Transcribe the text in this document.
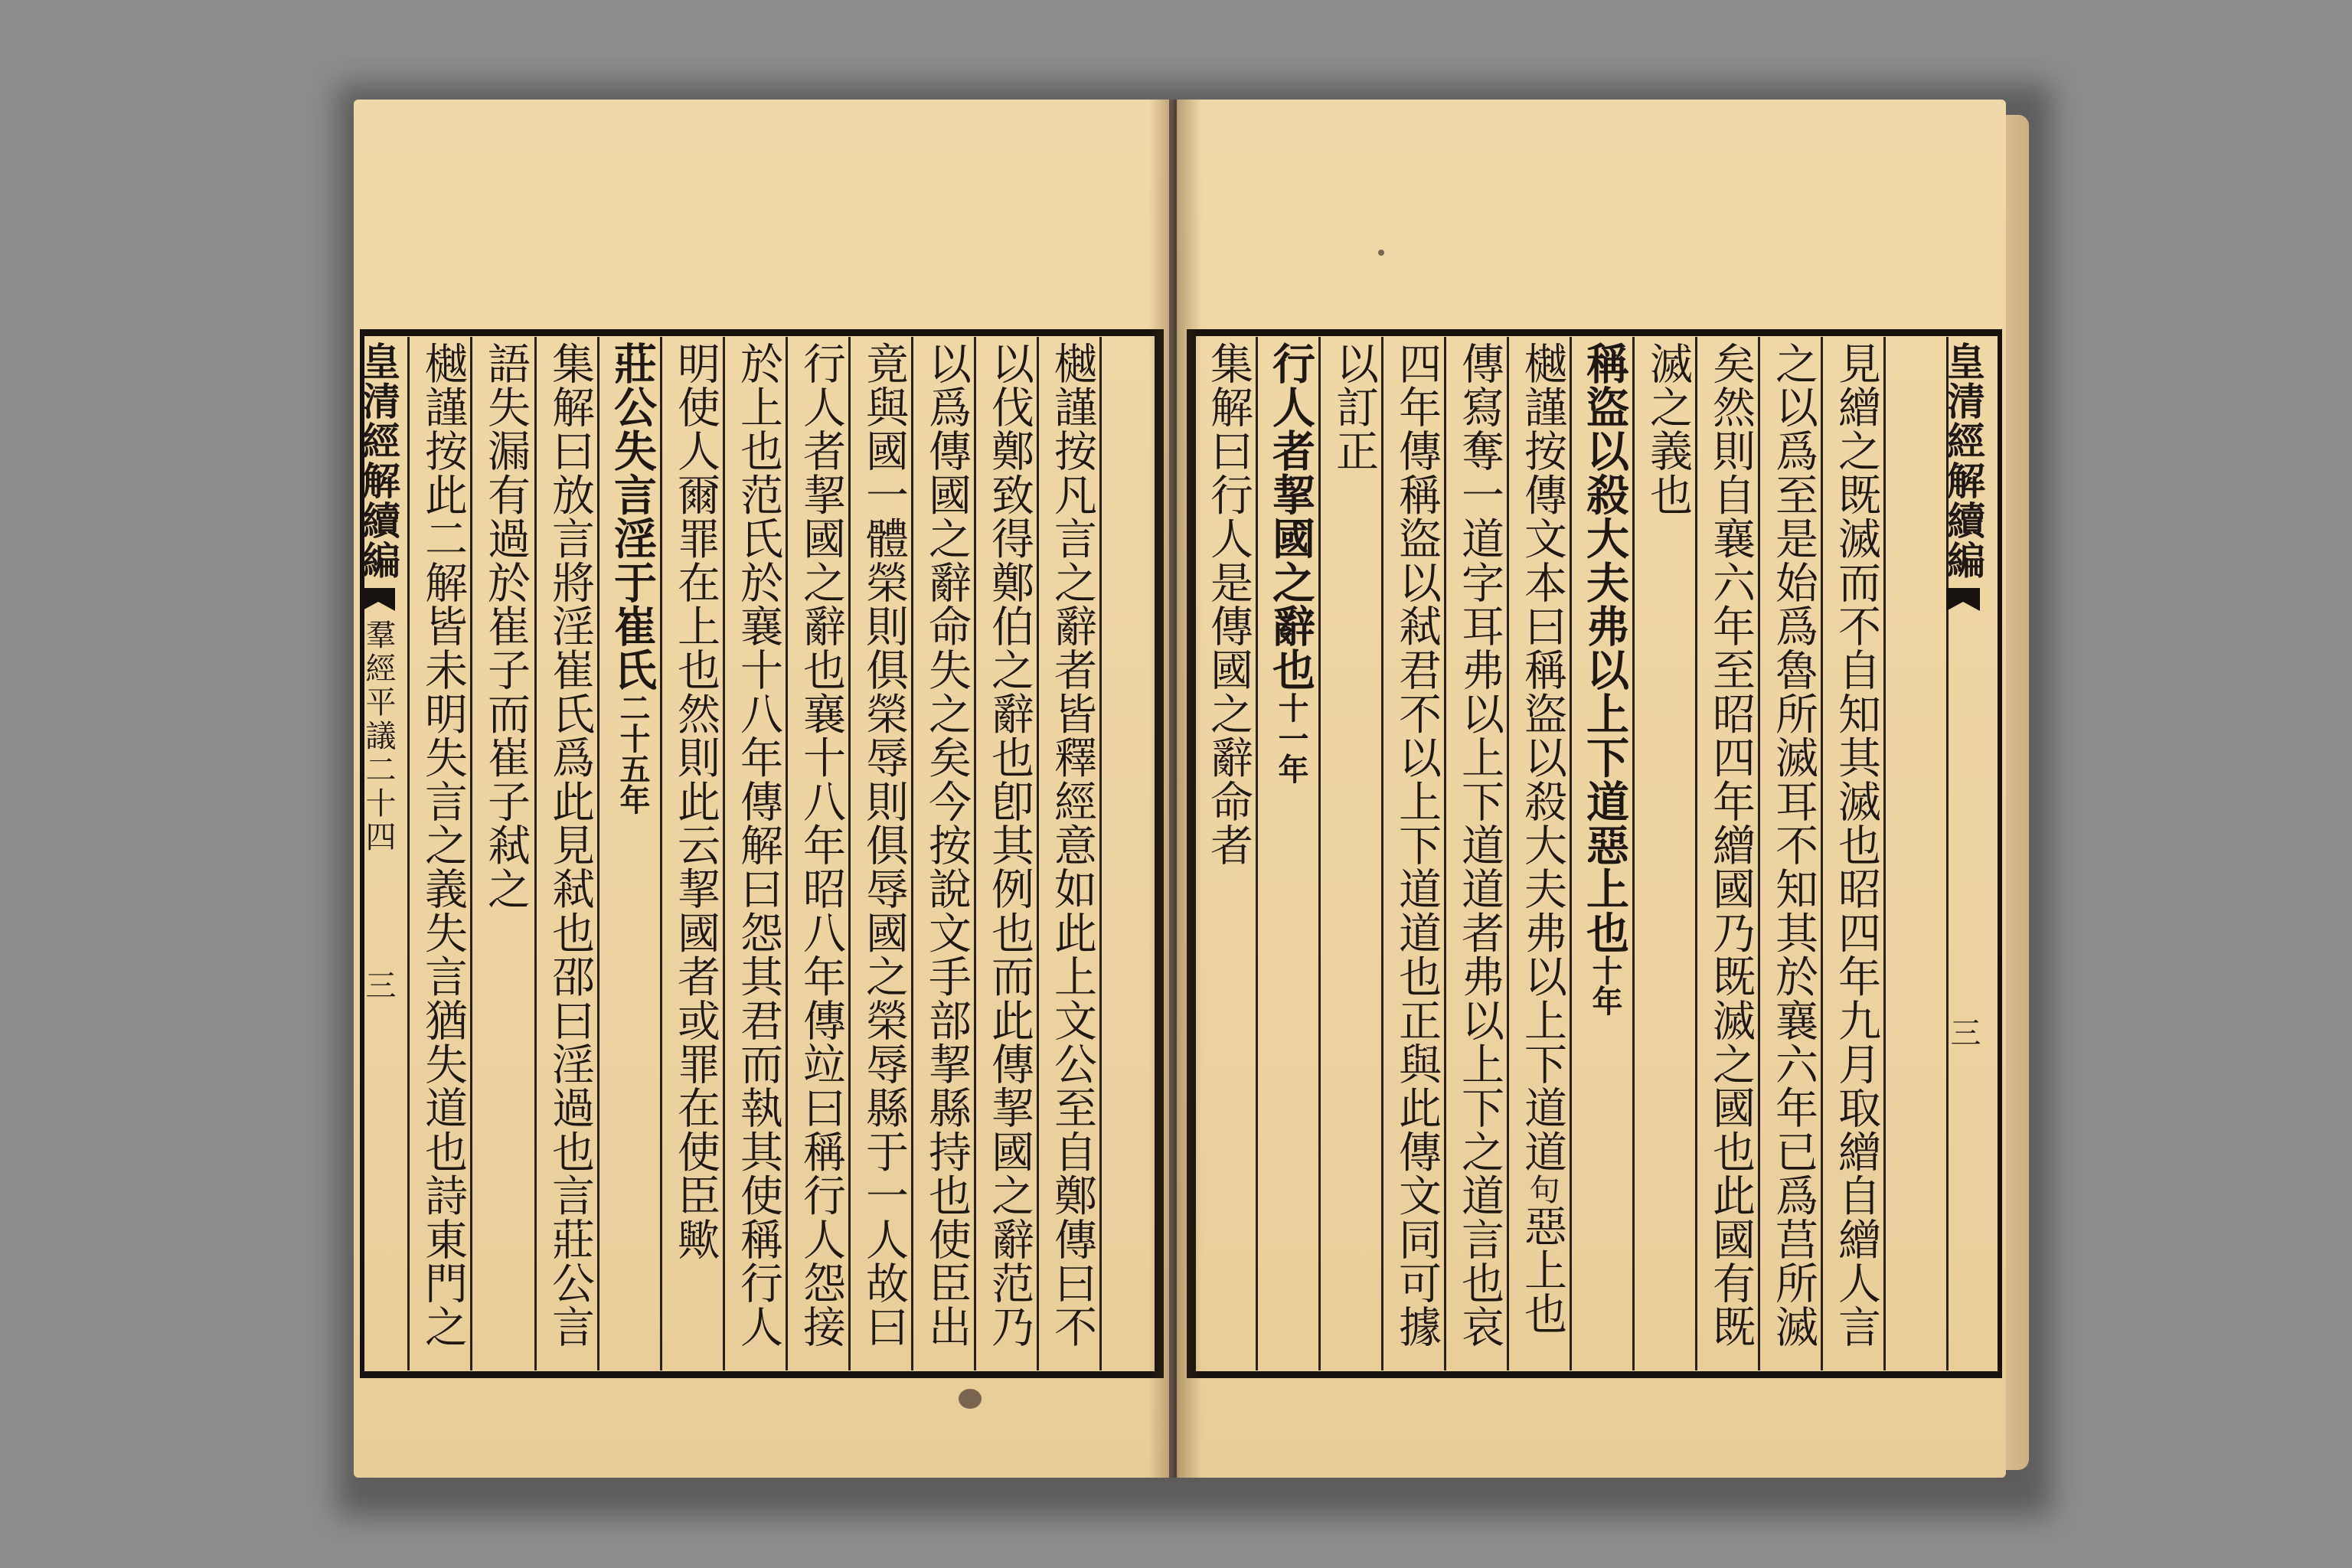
皇清經解續編羣經平議二十四三 樾謹按此二解皆未明失言之義失言猶失道也詩東門之 語失漏有過於崔子而崔子弒之 集解曰放言將淫崔氏爲此見弒也邵曰淫過也言莊公言 莊公失言淫于崔氏二十五年 明使人爾罪在上也然則此云挈國者或罪在使臣歟 於上也范氏於襄十八年傳解曰怨其君而執其使稱行人 行人者挈國之辭也襄十八年昭八年傳竝曰稱行人怨接 竟與國一體榮則俱榮辱則俱辱國之榮辱縣于一人故曰 以爲傳國之辭命失之矣今按說文手部挈縣持也使臣出 以伐鄭致得鄭伯之辭也卽其例也而此傳挈國之辭范乃 樾謹按凡言之辭者皆釋經意如此上文公至自鄭傳曰不 集解曰行人是傳國之辭命者 行人者挈國之辭也十一年
以訂正 四年傳稱盜以弒君不以上下道道也正與此傳文同可據 傳寫奪一道字耳弗以上下道道者弗以上下之道言也哀 樾謹按傳文本曰稱盜以殺大夫弗以上下道道句惡上也
稱盜以殺大夫弗以上下道惡上也十年
滅之義也 矣然則自襄六年至昭四年繒國乃既滅之國也此國有既 之以爲至是始爲魯所滅耳不知其於襄六年已爲莒所滅 見繒之既滅而不自知其滅也昭四年九月取繒自繒人言 皇清經解續編三
